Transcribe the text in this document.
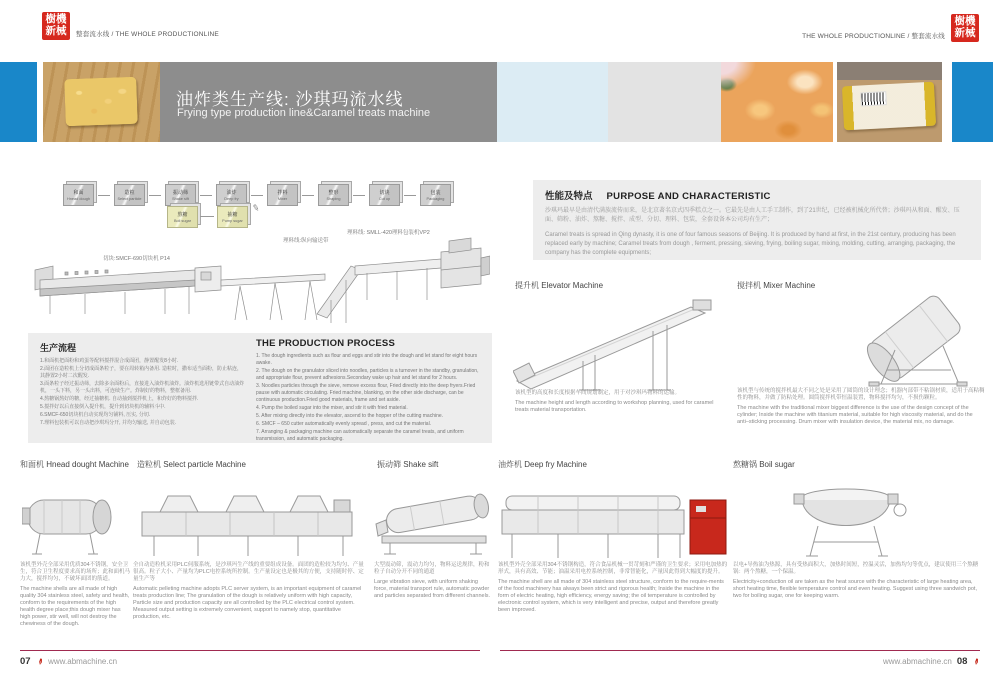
樹機新械	整套流水线 / THE WHOLE PRODUCTIONLINE	THE WHOLE PRODUCTIONLINE / 整套流水线
樹機新械
油炸类生产线: 沙琪玛流水线
Frying type production line&Caramel treats machine
和面
Hnead dough
造粒
Select particle
振动筛
Shake sift
油炸
Deep fry
拌料
Mixer
整形
Shaping
切块
Cut up
包装
Packaging
熬糖
Boil sugar
抽糖
Pump sugar
✎
切块:SMCF-690切块机 P14
理料线:纵向输送带
理料线: SMLL-420理料包装机VP2
生产流程
1.和面机把面粉和鸡蛋等配料搅拌混合成面团，静置醒发8小时.
2.面团在造粒机上分切成面条粒子，要在周转箱内备用. 造粒时，撒布适当面粉，防止粘连，其静置2小时二次醒发.
3.面条粒子经过振动筛，去除多余面粉后，直接进入油炸机油炸。油炸机选用链带式自动油炸机，一头下料，另一头出料，可连续生产。炸制好的物料，整框备用.
4.熬糖锅熬好的糖，经过抽糖机. 自动抽到搅拌机上，和炸好的物料搅拌.
5.搅拌好以后直接倒入提升机，提升到切块机的辅料斗中.
6.SMCF-650切块机自动实现均匀铺料, 压实, 分切.
7.理料包装机可以自动把沙琪玛分开, 并均匀输送, 并自动包装.
THE PRODUCTION PROCESS
1. The dough ingredients such as flour and eggs and stir into the dough and let stand for eight hours awake.
2. The dough on the granulator sliced into noodles, particles is a turnover in the standby, granulation, and appropriate flour, prevent adhesions.Secondary wake up hair and let stand for 2 hours.
3. Noodles particles through the sieve, remove excess flour, Fried directly into the deep fryers.Fried pause with automatic circulating. Fried machine, blanking, on the other side discharge, can be continuous production.Fried good materials, frame and set aside.
4. Pump the boiled sugar into the mixer, and stir it with fried material.
5. After mixing directly into the elevator, ascend to the hopper of the cutting machine.
6. SMCF – 650 cutter automatically evenly spread , press, and cut the material.
7. Arranging & packaging machine can automatically separate the caramel treats, and uniform transmission, and automatic packaging.
性能及特点 PURPOSE AND CHARACTERISTIC
沙琪玛最早是由清代满族流传而来，是北京著名京式四季糕点之一。它最先是由人工手工制作，到了21世纪，已经被机械化所代替；沙琪玛从和面、醒发、压面、筛粉、油炸、熬糖、搅拌、成型、分切、理料、包装，全套设备本公司均有生产；
Caramel treats is spread in Qing dynasty, it is one of four famous seasons of Beijing. It is produced by hand at first, in the 21st century, producing has been replaced early by machine; Caramel treats from dough , ferment, pressing, sieving, frying, boiling sugar, mixing, molding, cutting, arranging, packaging, the company has the complete equipments;
提升机 Elevator Machine
该机型的高度和长度根据车间规划制定，用于对沙琪玛物料的运输。
The machine height and length according to workshop planning, used for caramel treats material transportation.
搅拌机 Mixer Machine
该机型与传统的搅拌机最大不同之处是采用了圆筒的设计理念；机器内部带不粘锅材质，适用于高粘稠性的物料，并做了防粘处理。圆筒搅拌机带恒温装置，物料搅拌均匀，不损伤颗粒。
The machine with the traditional mixer biggest difference is the use of the design concept of the cylinder; Inside the machine with titanium material, suitable for high viscosity material, and do the anti–sticking processing. Drum mixer with insulation device, the material mix, no damage.
和面机 Hnead dought Machine
该机型外壳全部采用优质304不锈钢，安全卫生，符合卫生程度要求高的场所；此和面机马力大，搅拌均匀，不破坏面团的筋道。
The machine shells are all made of high quality 304 stainless steel, safety and health, conform to the requirements of the high health degree place;this dough mixer has high power, stir well, will not destroy the chewiness of the dough.
造粒机 Select particle Machine
全自动造粒机采用PLC伺服系统，是沙琪玛生产线的重要组成设备。面团的造粒较为均匀、产量很高。粒子大小、产量均为PLC电控系统所控制。生产量设定也是极其的方便，支持随时停、定量生产等
Automatic pelleting machine adopts PLC server system, is an important equipment of caramel treats production line; The granulation of the dough is relatively uniform with high capacity, Particle size and production capacity are all controlled by the PLC electrical control system. Measured output setting is extremely convenient, support to namely stop, quantitative production, etc.
振动筛 Shake sift
大型震动筛，震动力均匀，物料运送规律，粉和粒子自动分开不同的通道
Large vibration sieve, with uniform shaking force, material transport rule, automatic powder and particles separated from different channels.
油炸机 Deep fry Machine
该机型外壳全部采用304不锈钢构造，符合食品机械一贯苛刻和严谨的卫生要求；采用电加热的形式，具有高效、节能；油温采用电控系统控制，非常智能化，产量因此得到大幅度的提升。
The machine shell are all made of 304 stainless steel structure, conform to the require-ments of the food machinery has always been strict and rigorous health; Inside the machine in the form of electric heating, high efficiency, energy saving; the oil temperature is controlled by electronic control system, which is very intelligent and precise, output and therefore greatly been improved.
熬糖锅 Boil sugar
以电+导热油为热源，具有受热面积大，加热时间短，控温灵活，加热均匀等优点，建议使用三个熬糖锅：两个熬糖，一个保温。
Electricity+conduction oil are taken as the heat source with the characteristic of large heating area, short heating time, flexible temperature control and even heating. Suggest using three sandwich pot, two for boiling sugar, one for keeping warm.
07 ✒ www.abmachine.cn	www.abmachine.cn 08 ✒
